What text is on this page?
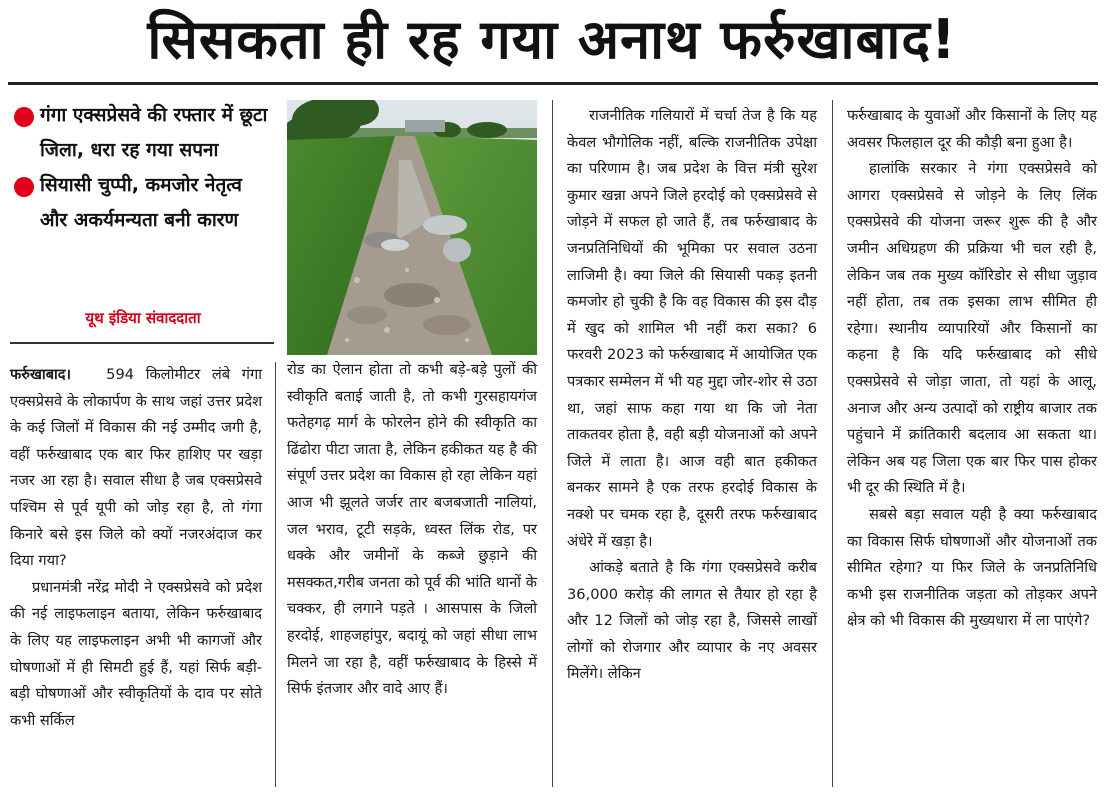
सिसकता ही रह गया अनाथ फर्रुखाबाद!
गंगा एक्सप्रेसवे की रफ्तार में छूटा जिला, धरा रह गया सपना
सियासी चुप्पी, कमजोर नेतृत्व और अकर्यमन्यता बनी कारण
यूथ इंडिया संवाददाता

फर्रुखाबाद। 594 किलोमीटर लंबे गंगा एक्सप्रेसवे के लोकार्पण के साथ जहां उत्तर प्रदेश के कई जिलों में विकास की नई उम्मीद जगी है, वहीं फर्रुखाबाद एक बार फिर हाशिए पर खड़ा नजर आ रहा है। सवाल सीधा है जब एक्सप्रेसवे पश्चिम से पूर्व यूपी को जोड़ रहा है, तो गंगा किनारे बसे इस जिले को क्यों नजरअंदाज कर दिया गया?

प्रधानमंत्री नरेंद्र मोदी ने एक्सप्रेसवे को प्रदेश की नई लाइफलाइन बताया, लेकिन फर्रुखाबाद के लिए यह लाइफलाइन अभी भी कागजों और घोषणाओं में ही सिमटी हुई हैं, यहां सिर्फ बड़ी-बड़ी घोषणाओं और स्वीकृतियों के दाव पर सोते कभी सर्किल

रोड का ऐलान होता तो कभी बड़े-बड़े पुलों की स्वीकृति बताई जाती है, तो कभी गुरसहायगंज फतेहगढ़ मार्ग के फोरलेन होने की स्वीकृति का ढिंढोरा पीटा जाता है, लेकिन हकीकत यह है की संपूर्ण उत्तर प्रदेश का विकास हो रहा लेकिन यहां आज भी झूलते जर्जर तार बजबजाती नालियां, जल भराव, टूटी सड़के, ध्वस्त लिंक रोड, पर धक्के और जमीनों के कब्जे छुड़ाने की मसक्कत,गरीब जनता को पूर्व की भांति थानों के चक्कर, ही लगाने पड़ते । आसपास के जिलो हरदोई, शाहजहांपुर, बदायूं को जहां सीधा लाभ मिलने जा रहा है, वहीं फर्रुखाबाद के हिस्से में सिर्फ इंतजार और वादे आए हैं।

राजनीतिक गलियारों में चर्चा तेज है कि यह केवल भौगोलिक नहीं, बल्कि राजनीतिक उपेक्षा का परिणाम है। जब प्रदेश के वित्त मंत्री सुरेश कुमार खन्ना अपने जिले हरदोई को एक्सप्रेसवे से जोड़ने में सफल हो जाते हैं, तब फर्रुखाबाद के जनप्रतिनिधियों की भूमिका पर सवाल उठना लाजिमी है। क्या जिले की सियासी पकड़ इतनी कमजोर हो चुकी है कि वह विकास की इस दौड़ में खुद को शामिल भी नहीं करा सका? 6 फरवरी 2023 को फर्रुखाबाद में आयोजित एक पत्रकार सम्मेलन में भी यह मुद्दा जोर-शोर से उठा था, जहां साफ कहा गया था कि जो नेता ताकतवर होता है, वही बड़ी योजनाओं को अपने जिले में लाता है। आज वही बात हकीकत बनकर सामने है एक तरफ हरदोई विकास के नक्शे पर चमक रहा है, दूसरी तरफ फर्रुखाबाद अंधेरे में खड़ा है।

आंकड़े बताते है कि गंगा एक्सप्रेसवे करीब 36,000 करोड़ की लागत से तैयार हो रहा है और 12 जिलों को जोड़ रहा है, जिससे लाखों लोगों को रोजगार और व्यापार के नए अवसर मिलेंगे। लेकिन

फर्रुखाबाद के युवाओं और किसानों के लिए यह अवसर फिलहाल दूर की कौड़ी बना हुआ है।

हालांकि सरकार ने गंगा एक्सप्रेसवे को आगरा एक्सप्रेसवे से जोड़ने के लिए लिंक एक्सप्रेसवे की योजना जरूर शुरू की है और जमीन अधिग्रहण की प्रक्रिया भी चल रही है, लेकिन जब तक मुख्य कॉरिडोर से सीधा जुड़ाव नहीं होता, तब तक इसका लाभ सीमित ही रहेगा। स्थानीय व्यापारियों और किसानों का कहना है कि यदि फर्रुखाबाद को सीधे एक्सप्रेसवे से जोड़ा जाता, तो यहां के आलू, अनाज और अन्य उत्पादों को राष्ट्रीय बाजार तक पहुंचाने में क्रांतिकारी बदलाव आ सकता था। लेकिन अब यह जिला एक बार फिर पास होकर भी दूर की स्थिति में है।

सबसे बड़ा सवाल यही है क्या फर्रुखाबाद का विकास सिर्फ घोषणाओं और योजनाओं तक सीमित रहेगा? या फिर जिले के जनप्रतिनिधि कभी इस राजनीतिक जड़ता को तोड़कर अपने क्षेत्र को भी विकास की मुख्यधारा में ला पाएंगे?
